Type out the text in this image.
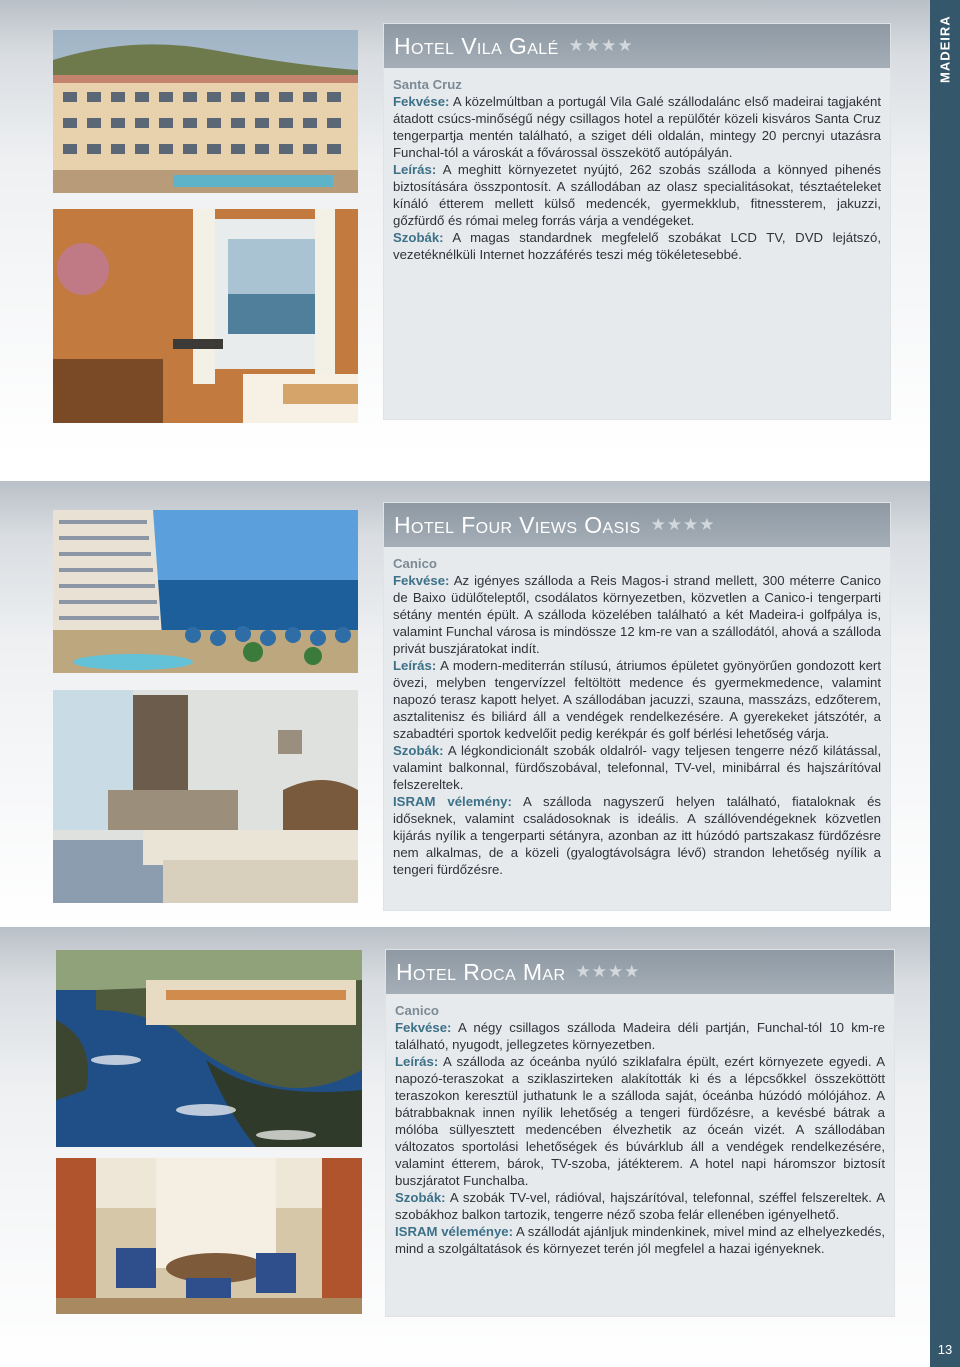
MADEIRA
13
Hotel Vila Galé ★★★★
Santa Cruz

Fekvése: A közelmúltban a portugál Vila Galé szállodalánc első madeirai tagjaként átadott csúcs-minőségű négy csillagos hotel a repülőtér közeli kisváros Santa Cruz tengerpartja mentén található, a sziget déli oldalán, mintegy 20 percnyi utazásra Funchal-tól a városkát a fővárossal összekötő autópályán.

Leírás: A meghitt környezetet nyújtó, 262 szobás szálloda a könnyed pihenés biztosítására összpontosít. A szállodában az olasz specialitásokat, tésztaételeket kínáló étterem mellett külső medencék, gyermekklub, fitnessterem, jakuzzi, gőzfürdő és római meleg forrás várja a vendégeket.

Szobák: A magas standardnek megfelelő szobákat LCD TV, DVD lejátszó, vezetéknélküli Internet hozzáférés teszi még tökéletesebbé.

Hotel Four Views Oasis ★★★★
Canico

Fekvése: Az igényes szálloda a Reis Magos-i strand mellett, 300 méterre Canico de Baixo üdülőteleptől, csodálatos környezetben, közvetlen a Canico-i tengerparti sétány mentén épült. A szálloda közelében található a két Madeira-i golfpálya is, valamint Funchal városa is mindössze 12 km-re van a szállodától, ahová a szálloda privát buszjáratokat indít.

Leírás: A modern-mediterrán stílusú, átriumos épületet gyönyörűen gondozott kert övezi, melyben tengervízzel feltöltött medence és gyermekmedence, valamint napozó terasz kapott helyet. A szállodában jacuzzi, szauna, masszázs, edzőterem, asztalitenisz és biliárd áll a vendégek rendelkezésére. A gyerekeket játszótér, a szabadtéri sportok kedvelőit pedig kerékpár és golf bérlési lehetőség várja.

Szobák: A légkondicionált szobák oldalról- vagy teljesen tengerre néző kilátással, valamint balkonnal, fürdőszobával, telefonnal, TV-vel, minibárral és hajszárítóval felszereltek.

ISRAM vélemény: A szálloda nagyszerű helyen található, fiataloknak és időseknek, valamint családosoknak is ideális. A szállóvendégeknek közvetlen kijárás nyílik a tengerparti sétányra, azonban az itt húzódó partszakasz fürdőzésre nem alkalmas, de a közeli (gyalogtávolságra lévő) strandon lehetőség nyílik a tengeri fürdőzésre.

Hotel Roca Mar ★★★★
Canico

Fekvése: A négy csillagos szálloda Madeira déli partján, Funchal-tól 10 km-re található, nyugodt, jellegzetes környezetben.

Leírás: A szálloda az óceánba nyúló sziklafalra épült, ezért környezete egyedi. A napozó-teraszokat a sziklaszirteken alakították ki és a lépcsőkkel összeköttött teraszokon keresztül juthatunk le a szálloda saját, óceánba húzódó mólójához. A bátrabbaknak innen nyílik lehetőség a tengeri fürdőzésre, a kevésbé bátrak a mólóba süllyesztett medencében élvezhetik az óceán vizét. A szállodában változatos sportolási lehetőségek és búvárklub áll a vendégek rendelkezésére, valamint étterem, bárok, TV-szoba, játékterem. A hotel napi háromszor biztosít buszjáratot Funchalba.

Szobák: A szobák TV-vel, rádióval, hajszárítóval, telefonnal, széffel felszereltek. A szobákhoz balkon tartozik, tengerre néző szoba felár ellenében igényelhető.

ISRAM véleménye: A szállodát ajánljuk mindenkinek, mivel mind az elhelyezkedés, mind a szolgáltatások és környezet terén jól megfelel a hazai igényeknek.
